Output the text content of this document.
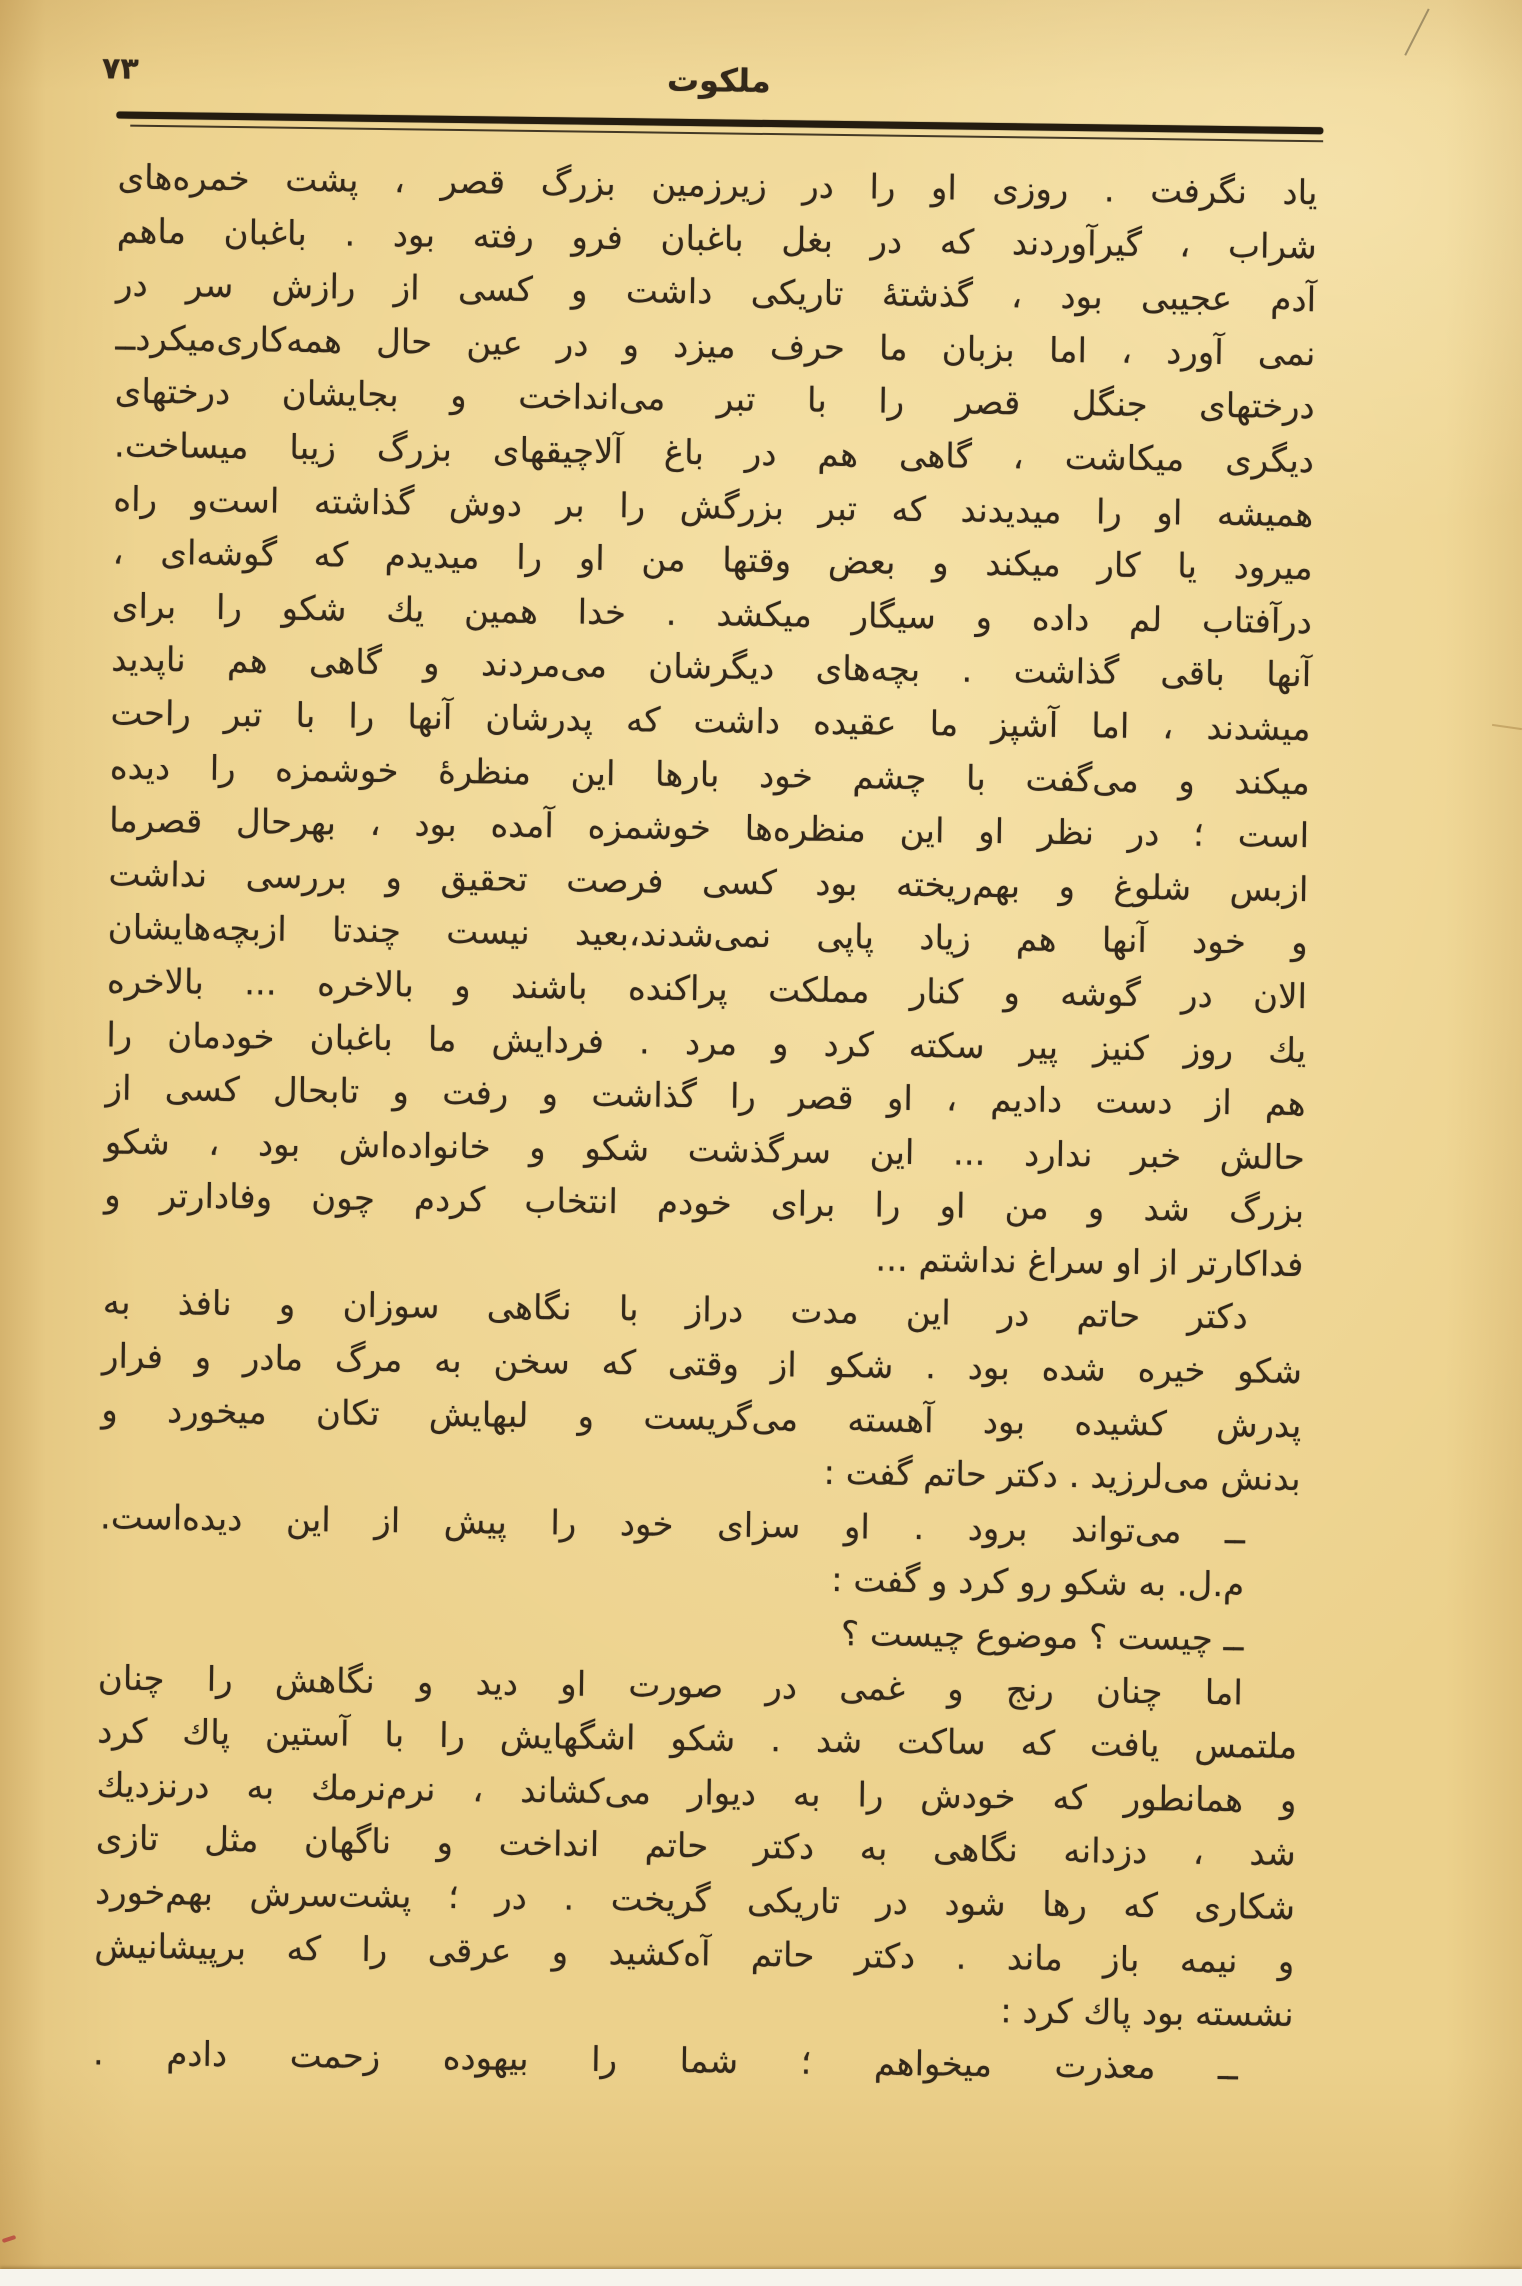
۷۳	ملکوت
یاد نگرفت . روزی او را در زیرزمین بزرگ قصر ، پشت خمره‌های
شراب ، گیرآوردند که در بغل باغبان فرو رفته بود . باغبان ماهم
آدم عجیبی بود ، گذشتهٔ تاریکی داشت و کسی از رازش سر در
نمی آورد ، اما بزبان ما حرف میزد و در عین حال همه‌کاری‌میکردــ
درختهای جنگل قصر را با تبر می‌انداخت و بجایشان درختهای
دیگری میکاشت ، گاهی هم در باغ آلاچیقهای بزرگ زیبا میساخت.
همیشه او را میدیدند که تبر بزرگش را بر دوش گذاشته است‌و راه
میرود یا کار میکند و بعض وقتها من او را میدیدم که گوشه‌ای ،
درآفتاب لم داده و سیگار میکشد . خدا همین یك شكو را برای
آنها باقی گذاشت . بچه‌های دیگرشان می‌مردند و گاهی هم ناپدید
میشدند ، اما آشپز ما عقیده داشت که پدرشان آنها را با تبر راحت
میکند و می‌گفت با چشم خود بارها این منظرهٔ خوشمزه را دیده
است ؛ در نظر او این منظره‌ها خوشمزه آمده بود ، بهرحال قصرما
ازبس شلوغ و بهم‌ریخته بود کسی فرصت تحقیق و بررسی نداشت
و خود آنها هم زیاد پاپی نمی‌شدند،بعید نیست چندتا ازبچه‌هایشان
الان در گوشه و کنار مملکت پراکنده باشند و بالاخره ... بالاخره
یك روز کنیز پیر سکته کرد و مرد . فردایش ما باغبان خودمان را
هم از دست دادیم ، او قصر را گذاشت و رفت و تابحال کسی از
حالش خبر ندارد ... این سرگذشت شکو و خانواده‌اش بود ، شکو
بزرگ شد و من او را برای خودم انتخاب کردم چون وفادارتر و
فداکارتر از او سراغ نداشتم ...
دکتر حاتم در این مدت دراز با نگاهی سوزان و نافذ به
شکو خیره شده بود . شکو از وقتی که سخن به مرگ مادر و فرار
پدرش کشیده بود آهسته می‌گریست و لبهایش تکان میخورد و
بدنش می‌لرزید . دکتر حاتم گفت :
ــ می‌تواند برود . او سزای خود را پیش از این دیده‌است.
م.ل. به شکو رو کرد و گفت :
ــ چیست ؟ موضوع چیست ؟
اما چنان رنج و غمی در صورت او دید و نگاهش را چنان
ملتمس یافت که ساکت شد . شکو اشگهایش را با آستین پاك کرد
و همانطور که خودش را به دیوار می‌کشاند ، نرم‌نرمك به درنزدیك
شد ، دزدانه نگاهی به دکتر حاتم انداخت و ناگهان مثل تازی
شکاری که رها شود در تاریکی گریخت . در ؛ پشت‌سرش بهم‌خورد
و نیمه باز ماند . دکتر حاتم آه‌کشید و عرقی را که برپیشانیش
نشسته بود پاك کرد :
ــ معذرت میخواهم ؛ شما را بیهوده زحمت دادم .
